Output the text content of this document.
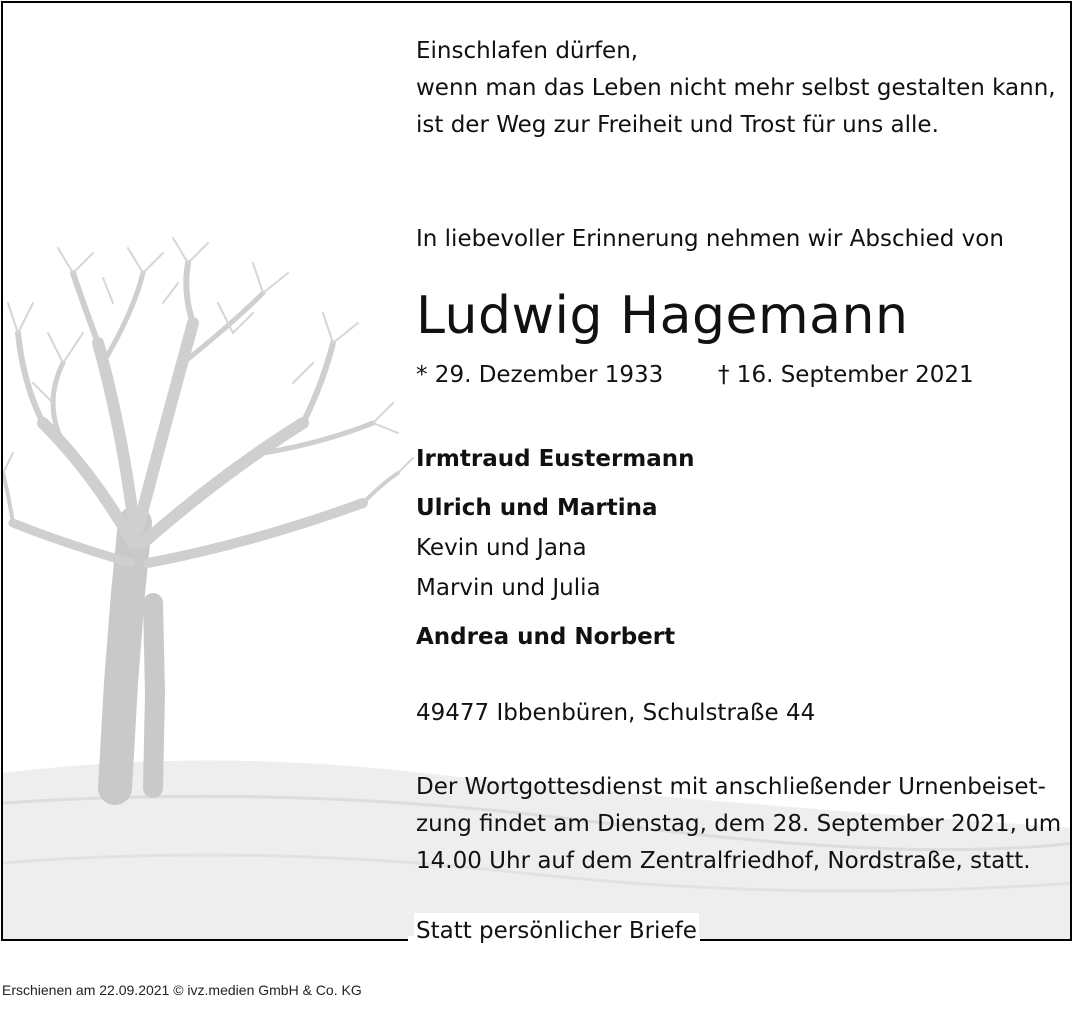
Einschlafen dürfen,
wenn man das Leben nicht mehr selbst gestalten kann,
ist der Weg zur Freiheit und Trost für uns alle.
In liebevoller Erinnerung nehmen wir Abschied von
Ludwig Hagemann
* 29. Dezember 1933 † 16. September 2021
Irmtraud Eustermann
Ulrich und Martina
Kevin und Jana
Marvin und Julia
Andrea und Norbert
49477 Ibbenbüren, Schulstraße 44
Der Wortgottesdienst mit anschließender Urnenbeiset-
zung findet am Dienstag, dem 28. September 2021, um
14.00 Uhr auf dem Zentralfriedhof, Nordstraße, statt.
Statt persönlicher Briefe
Erschienen am 22.09.2021 © ivz.medien GmbH & Co. KG
